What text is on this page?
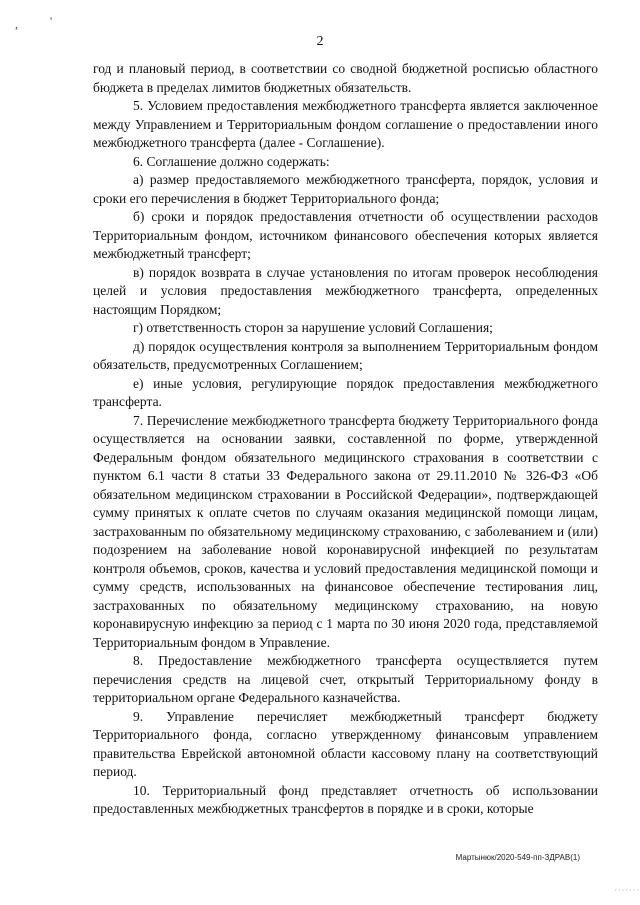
,	'
2

год и плановый период, в соответствии со сводной бюджетной росписью областного бюджета в пределах лимитов бюджетных обязательств.

5. Условием предоставления межбюджетного трансферта является заключенное между Управлением и Территориальным фондом соглашение о предоставлении иного межбюджетного трансферта (далее - Соглашение).

6. Соглашение должно содержать:

а) размер предоставляемого межбюджетного трансферта, порядок, условия и сроки его перечисления в бюджет Территориального фонда;

б) сроки и порядок предоставления отчетности об осуществлении расходов Территориальным фондом, источником финансового обеспечения которых является межбюджетный трансферт;

в) порядок возврата в случае установления по итогам проверок несоблюдения целей и условия предоставления межбюджетного трансферта, определенных настоящим Порядком;

г) ответственность сторон за нарушение условий Соглашения;

д) порядок осуществления контроля за выполнением Территориальным фондом обязательств, предусмотренных Соглашением;

е) иные условия, регулирующие порядок предоставления межбюджетного трансферта.

7. Перечисление межбюджетного трансферта бюджету Территориального фонда осуществляется на основании заявки, составленной по форме, утвержденной Федеральным фондом обязательного медицинского страхования в соответствии с пунктом 6.1 части 8 статьи 33 Федерального закона от 29.11.2010 № 326-ФЗ «Об обязательном медицинском страховании в Российской Федерации», подтверждающей сумму принятых к оплате счетов по случаям оказания медицинской помощи лицам, застрахованным по обязательному медицинскому страхованию, с заболеванием и (или) подозрением на заболевание новой коронавирусной инфекцией по результатам контроля объемов, сроков, качества и условий предоставления медицинской помощи и сумму средств, использованных на финансовое обеспечение тестирования лиц, застрахованных по обязательному медицинскому страхованию, на новую коронавирусную инфекцию за период с 1 марта по 30 июня 2020 года, представляемой Территориальным фондом в Управление.

8. Предоставление межбюджетного трансферта осуществляется путем перечисления средств на лицевой счет, открытый Территориальному фонду в территориальном органе Федерального казначейства.

9. Управление перечисляет межбюджетный трансферт бюджету Территориального фонда, согласно утвержденному финансовым управлением правительства Еврейской автономной области кассовому плану на соответствующий период.

10. Территориальный фонд представляет отчетность об использовании предоставленных межбюджетных трансфертов в порядке и в сроки, которые

Мартынюк/2020-549-пп-ЗДРАВ(1)
·······
